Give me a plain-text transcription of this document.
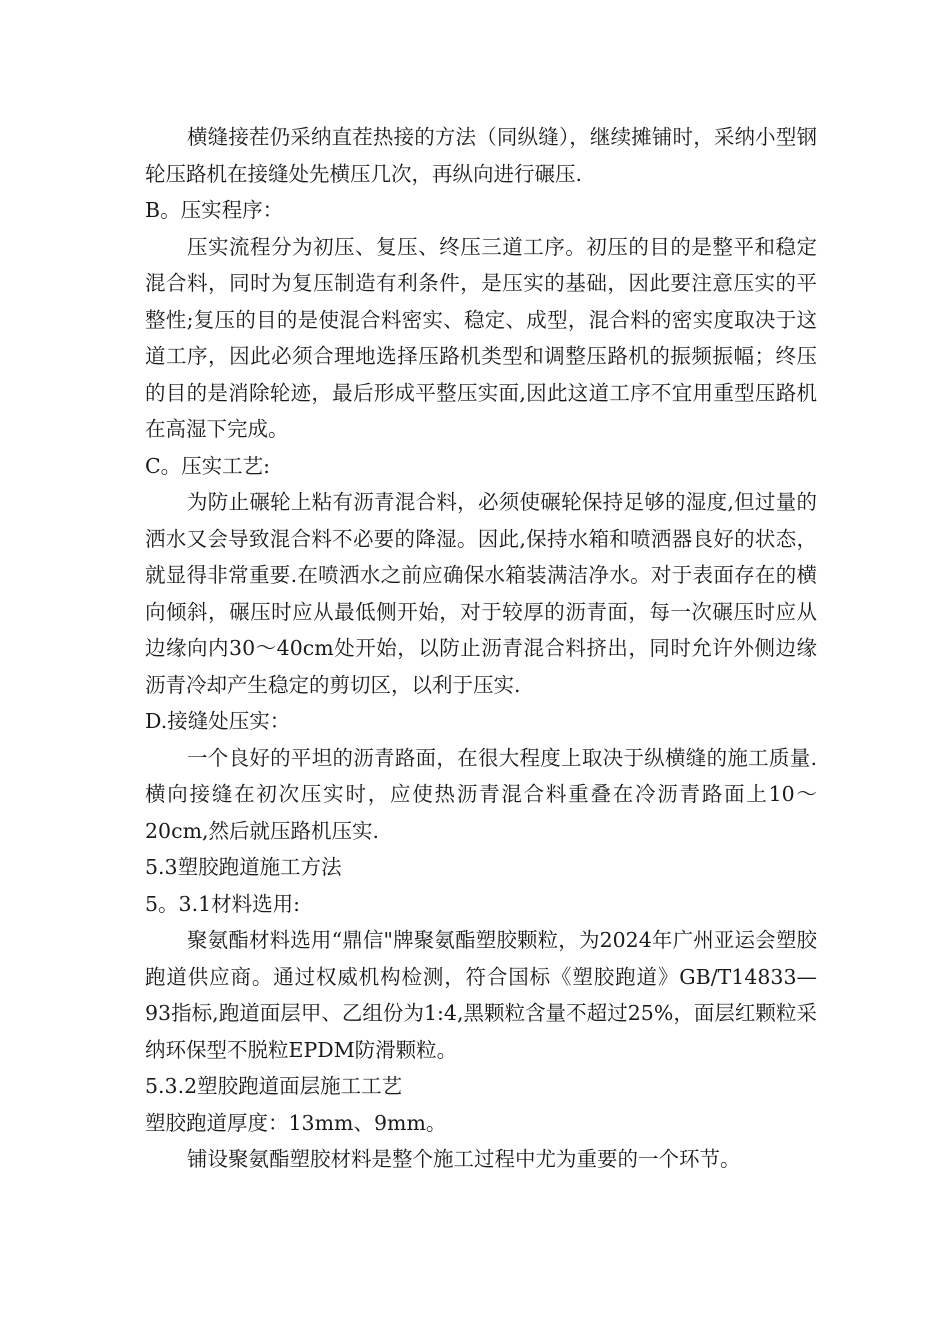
横缝接茬仍采纳直茬热接的方法（同纵缝），继续摊铺时，采纳小型钢轮压路机在接缝处先横压几次，再纵向进行碾压.

B。压实程序：

压实流程分为初压、复压、终压三道工序。初压的目的是整平和稳定混合料，同时为复压制造有利条件，是压实的基础，因此要注意压实的平整性;复压的目的是使混合料密实、稳定、成型，混合料的密实度取决于这道工序，因此必须合理地选择压路机类型和调整压路机的振频振幅；终压的目的是消除轮迹，最后形成平整压实面,因此这道工序不宜用重型压路机在高湿下完成。

C。压实工艺:

为防止碾轮上粘有沥青混合料，必须使碾轮保持足够的湿度,但过量的洒水又会导致混合料不必要的降湿。因此,保持水箱和喷洒器良好的状态，就显得非常重要.在喷洒水之前应确保水箱装满洁净水。对于表面存在的横向倾斜，碾压时应从最低侧开始，对于较厚的沥青面，每一次碾压时应从边缘向内30～40cm处开始，以防止沥青混合料挤出，同时允许外侧边缘沥青冷却产生稳定的剪切区，以利于压实.

D.接缝处压实：

一个良好的平坦的沥青路面，在很大程度上取决于纵横缝的施工质量.横向接缝在初次压实时，应使热沥青混合料重叠在冷沥青路面上10～20cm,然后就压路机压实.

5.3塑胶跑道施工方法

5。3.1材料选用:

聚氨酯材料选用“鼎信"牌聚氨酯塑胶颗粒，为2024年广州亚运会塑胶跑道供应商。通过权威机构检测，符合国标《塑胶跑道》GB/T14833—93指标,跑道面层甲、乙组份为1:4,黑颗粒含量不超过25%，面层红颗粒采纳环保型不脱粒EPDM防滑颗粒。

5.3.2塑胶跑道面层施工工艺

塑胶跑道厚度：13mm、9mm。

铺设聚氨酯塑胶材料是整个施工过程中尤为重要的一个环节。
